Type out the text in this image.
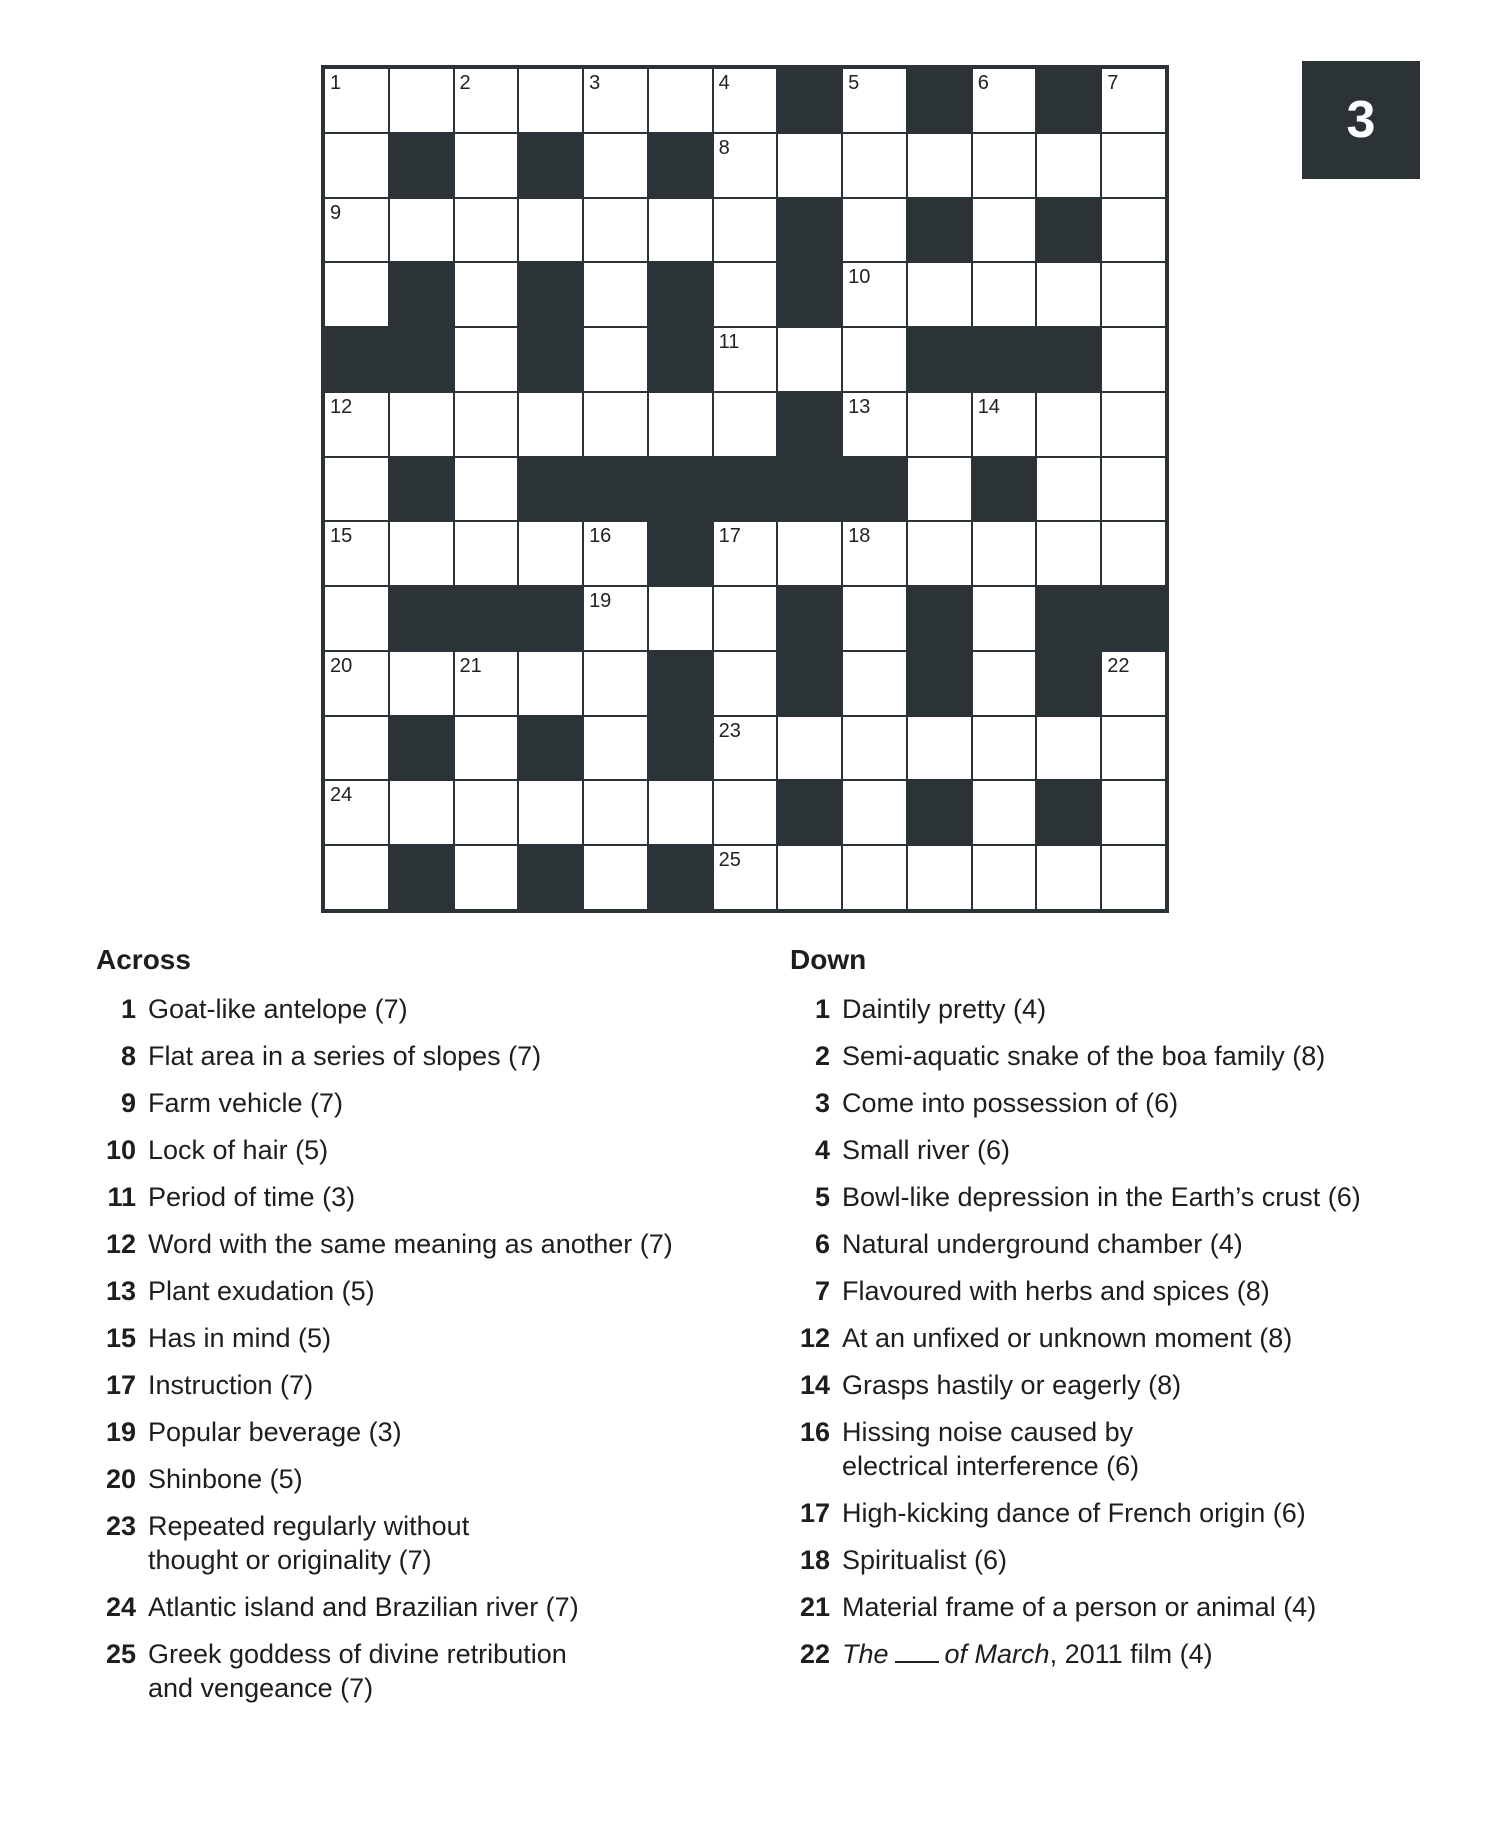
3
1	2	3	4	5	6	7
8
9
10
11
12	13	14
15	16	17	18
19
20	21	22
23
24
25
Across
1 Goat-like antelope (7)
8 Flat area in a series of slopes (7)
9 Farm vehicle (7)
10 Lock of hair (5)
11 Period of time (3)
12 Word with the same meaning as another (7)
13 Plant exudation (5)
15 Has in mind (5)
17 Instruction (7)
19 Popular beverage (3)
20 Shinbone (5)
23 Repeated regularly without
thought or originality (7)
24 Atlantic island and Brazilian river (7)
25 Greek goddess of divine retribution
and vengeance (7)
Down
1 Daintily pretty (4)
2 Semi-aquatic snake of the boa family (8)
3 Come into possession of (6)
4 Small river (6)
5 Bowl-like depression in the Earth’s crust (6)
6 Natural underground chamber (4)
7 Flavoured with herbs and spices (8)
12 At an unfixed or unknown moment (8)
14 Grasps hastily or eagerly (8)
16 Hissing noise caused by
electrical interference (6)
17 High-kicking dance of French origin (6)
18 Spiritualist (6)
21 Material frame of a person or animal (4)
22 The of March, 2011 film (4)
